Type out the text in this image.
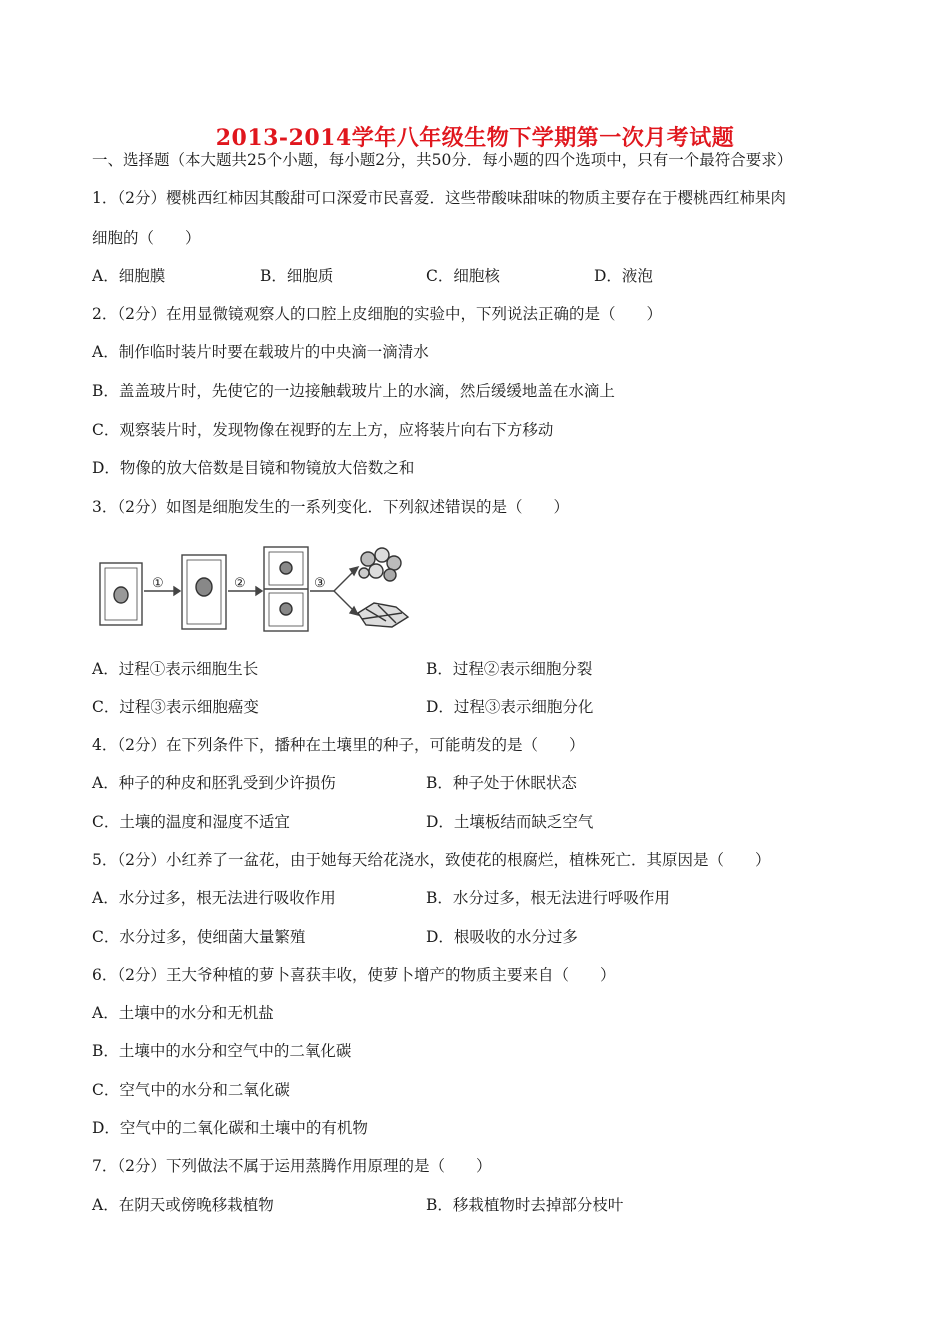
2013-2014学年八年级生物下学期第一次月考试题
一、选择题（本大题共25个小题，每小题2分，共50分．每小题的四个选项中，只有一个最符合要求）
1．（2分）樱桃西红柿因其酸甜可口深爱市民喜爱．这些带酸味甜味的物质主要存在于樱桃西红柿果肉
细胞的（　　）
A．细胞膜	B．细胞质	C．细胞核	D．液泡
2．（2分）在用显微镜观察人的口腔上皮细胞的实验中，下列说法正确的是（　　）
A．制作临时装片时要在载玻片的中央滴一滴清水
B．盖盖玻片时，先使它的一边接触载玻片上的水滴，然后缓缓地盖在水滴上
C．观察装片时，发现物像在视野的左上方，应将装片向右下方移动
D．物像的放大倍数是目镜和物镜放大倍数之和
3．（2分）如图是细胞发生的一系列变化．下列叙述错误的是（　　）
①	②	③
A．过程①表示细胞生长	B．过程②表示细胞分裂
C．过程③表示细胞癌变	D．过程③表示细胞分化
4．（2分）在下列条件下，播种在土壤里的种子，可能萌发的是（　　）
A．种子的种皮和胚乳受到少许损伤	B．种子处于休眠状态
C．土壤的温度和湿度不适宜	D．土壤板结而缺乏空气
5．（2分）小红养了一盆花，由于她每天给花浇水，致使花的根腐烂，植株死亡．其原因是（　　）
A．水分过多，根无法进行吸收作用	B．水分过多，根无法进行呼吸作用
C．水分过多，使细菌大量繁殖	D．根吸收的水分过多
6．（2分）王大爷种植的萝卜喜获丰收，使萝卜增产的物质主要来自（　　）
A．土壤中的水分和无机盐
B．土壤中的水分和空气中的二氧化碳
C．空气中的水分和二氧化碳
D．空气中的二氧化碳和土壤中的有机物
7．（2分）下列做法不属于运用蒸腾作用原理的是（　　）
A．在阴天或傍晚移栽植物	B．移栽植物时去掉部分枝叶
